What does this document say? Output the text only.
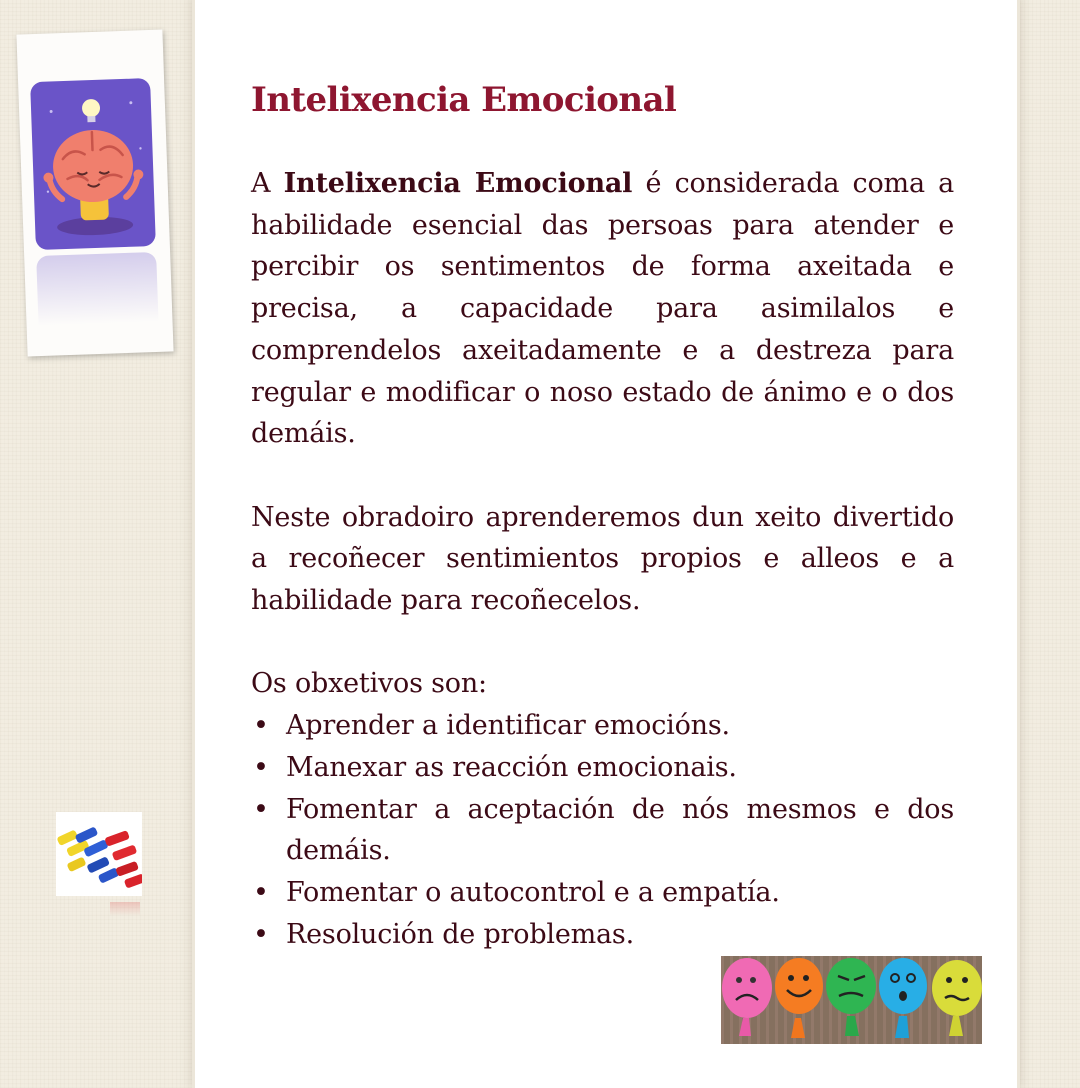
Intelixencia Emocional

A Intelixencia Emocional é considerada coma a habilidade esencial das persoas para atender e percibir os sentimentos de forma axeitada e precisa, a capacidade para asimilalos e comprendelos axeitadamente e a destreza para regular e modificar o noso estado de ánimo e o dos demáis.

Neste obradoiro aprenderemos dun xeito divertido a recoñecer sentimientos propios e alleos e a habilidade para recoñecelos.

Os obxetivos son:

• Aprender a identificar emocións.
• Manexar as reacción emocionais.
• Fomentar a aceptación de nós mesmos e dos demáis.
• Fomentar o autocontrol e a empatía.
• Resolución de problemas.
